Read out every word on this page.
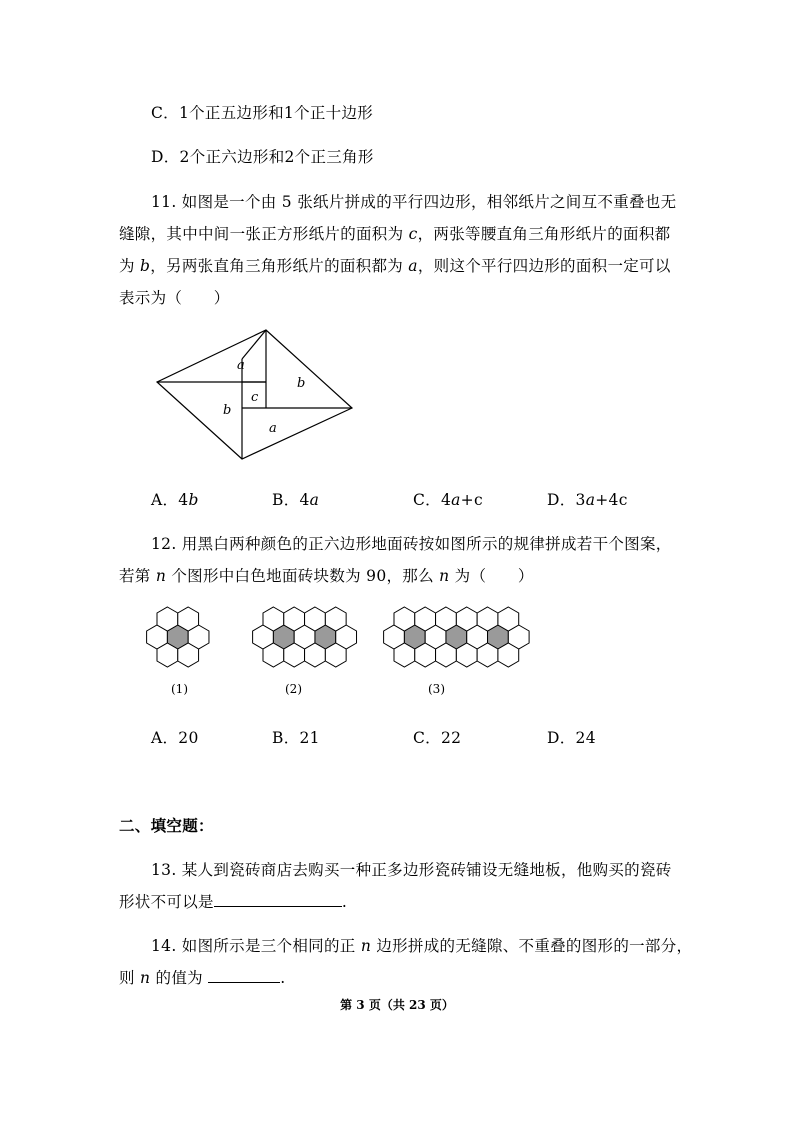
C．1个正五边形和1个正十边形
D．2个正六边形和2个正三角形
11. 如图是一个由 5 张纸片拼成的平行四边形，相邻纸片之间互不重叠也无
缝隙，其中中间一张正方形纸片的面积为 c，两张等腰直角三角形纸片的面积都
为 b，另两张直角三角形纸片的面积都为 a，则这个平行四边形的面积一定可以
表示为（　　）
a
b
c
b
a
A．4b	B．4a	C．4a+c	D．3a+4c
12. 用黑白两种颜色的正六边形地面砖按如图所示的规律拼成若干个图案，
若第 n 个图形中白色地面砖块数为 90，那么 n 为（　　）
(1)	(2)	(3)
A．20	B．21	C．22	D．24
二、填空题：
13. 某人到瓷砖商店去购买一种正多边形瓷砖铺设无缝地板，他购买的瓷砖
形状不可以是	.
14. 如图所示是三个相同的正 n 边形拼成的无缝隙、不重叠的图形的一部分，
则 n 的值为	.
第 3 页（共 23 页）
